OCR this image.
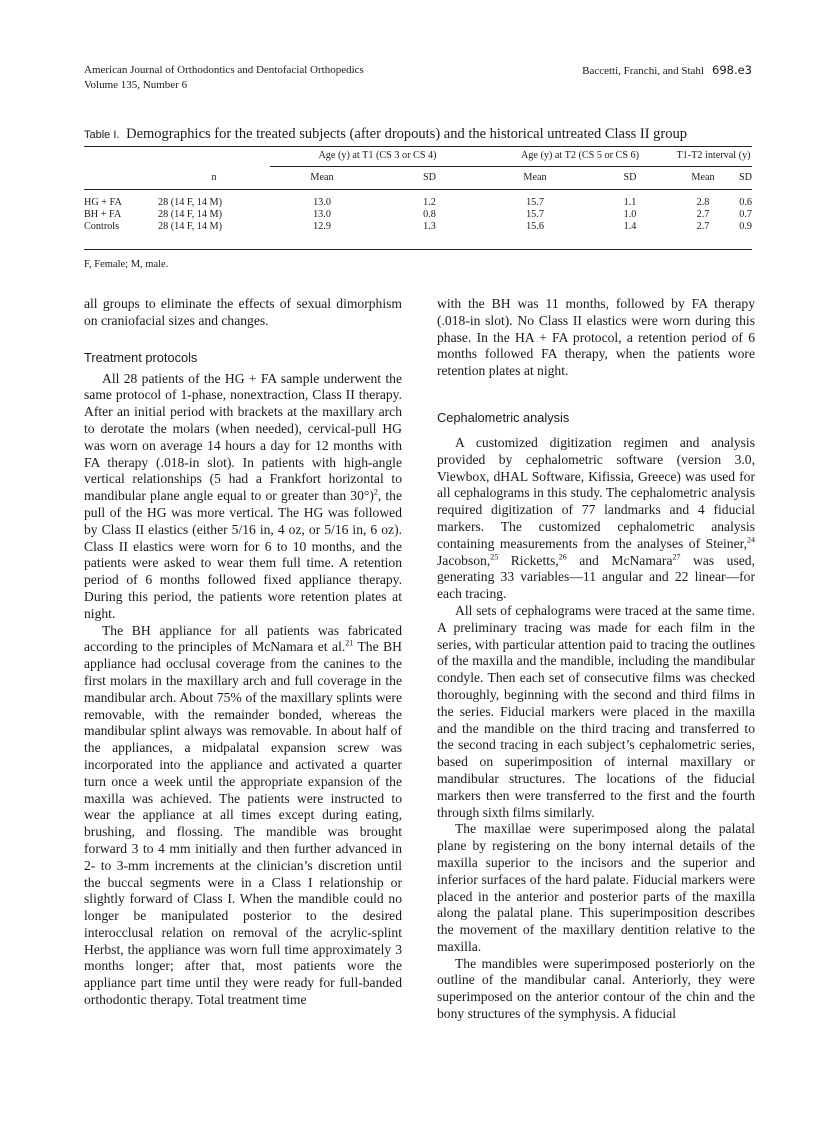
American Journal of Orthodontics and Dentofacial Orthopedics
Volume 135, Number 6
Baccetti, Franchi, and Stahl 698.e3
Table I. Demographics for the treated subjects (after dropouts) and the historical untreated Class II group
		Age (y) at T1 (CS 3 or CS 4)		Age (y) at T2 (CS 5 or CS 6)		T1-T2 interval (y)	
	n	Mean	SD	Mean	SD	Mean	SD
HG + FA	28 (14 F, 14 M)	13.0	1.2	15.7	1.1	2.8	0.6
BH + FA	28 (14 F, 14 M)	13.0	0.8	15.7	1.0	2.7	0.7
Controls	28 (14 F, 14 M)	12.9	1.3	15.6	1.4	2.7	0.9
F, Female; M, male.

all groups to eliminate the effects of sexual dimorphism on craniofacial sizes and changes.

Treatment protocols

All 28 patients of the HG + FA sample underwent the same protocol of 1-phase, nonextraction, Class II therapy. After an initial period with brackets at the maxillary arch to derotate the molars (when needed), cervical-pull HG was worn on average 14 hours a day for 12 months with FA therapy (.018-in slot). In patients with high-angle vertical relationships (5 had a Frankfort horizontal to mandibular plane angle equal to or greater than 30°)$^2$, the pull of the HG was more vertical. The HG was followed by Class II elastics (either 5/16 in, 4 oz, or 5/16 in, 6 oz). Class II elastics were worn for 6 to 10 months, and the patients were asked to wear them full time. A retention period of 6 months followed fixed appliance therapy. During this period, the patients wore retention plates at night.

The BH appliance for all patients was fabricated according to the principles of McNamara et al.$^{21}$ The BH appliance had occlusal coverage from the canines to the first molars in the maxillary arch and full coverage in the mandibular arch. About 75% of the maxillary splints were removable, with the remainder bonded, whereas the mandibular splint always was removable. In about half of the appliances, a midpalatal expansion screw was incorporated into the appliance and activated a quarter turn once a week until the appropriate expansion of the maxilla was achieved. The patients were instructed to wear the appliance at all times except during eating, brushing, and flossing. The mandible was brought forward 3 to 4 mm initially and then further advanced in 2- to 3-mm increments at the clinician’s discretion until the buccal segments were in a Class I relationship or slightly forward of Class I. When the mandible could no longer be manipulated posterior to the desired interocclusal relation on removal of the acrylic-splint Herbst, the appliance was worn full time approximately 3 months longer; after that, most patients wore the appliance part time until they were ready for full-banded orthodontic therapy. Total treatment time

with the BH was 11 months, followed by FA therapy (.018-in slot). No Class II elastics were worn during this phase. In the HA + FA protocol, a retention period of 6 months followed FA therapy, when the patients wore retention plates at night.

Cephalometric analysis

A customized digitization regimen and analysis provided by cephalometric software (version 3.0, Viewbox, dHAL Software, Kifissia, Greece) was used for all cephalograms in this study. The cephalometric analysis required digitization of 77 landmarks and 4 fiducial markers. The customized cephalometric analysis containing measurements from the analyses of Steiner,$^{24}$ Jacobson,$^{25}$ Ricketts,$^{26}$ and McNamara$^{27}$ was used, generating 33 variables—11 angular and 22 linear—for each tracing.

All sets of cephalograms were traced at the same time. A preliminary tracing was made for each film in the series, with particular attention paid to tracing the outlines of the maxilla and the mandible, including the mandibular condyle. Then each set of consecutive films was checked thoroughly, beginning with the second and third films in the series. Fiducial markers were placed in the maxilla and the mandible on the third tracing and transferred to the second tracing in each subject’s cephalometric series, based on superimposition of internal maxillary or mandibular structures. The locations of the fiducial markers then were transferred to the first and the fourth through sixth films similarly.

The maxillae were superimposed along the palatal plane by registering on the bony internal details of the maxilla superior to the incisors and the superior and inferior surfaces of the hard palate. Fiducial markers were placed in the anterior and posterior parts of the maxilla along the palatal plane. This superimposition describes the movement of the maxillary dentition relative to the maxilla.

The mandibles were superimposed posteriorly on the outline of the mandibular canal. Anteriorly, they were superimposed on the anterior contour of the chin and the bony structures of the symphysis. A fiducial
